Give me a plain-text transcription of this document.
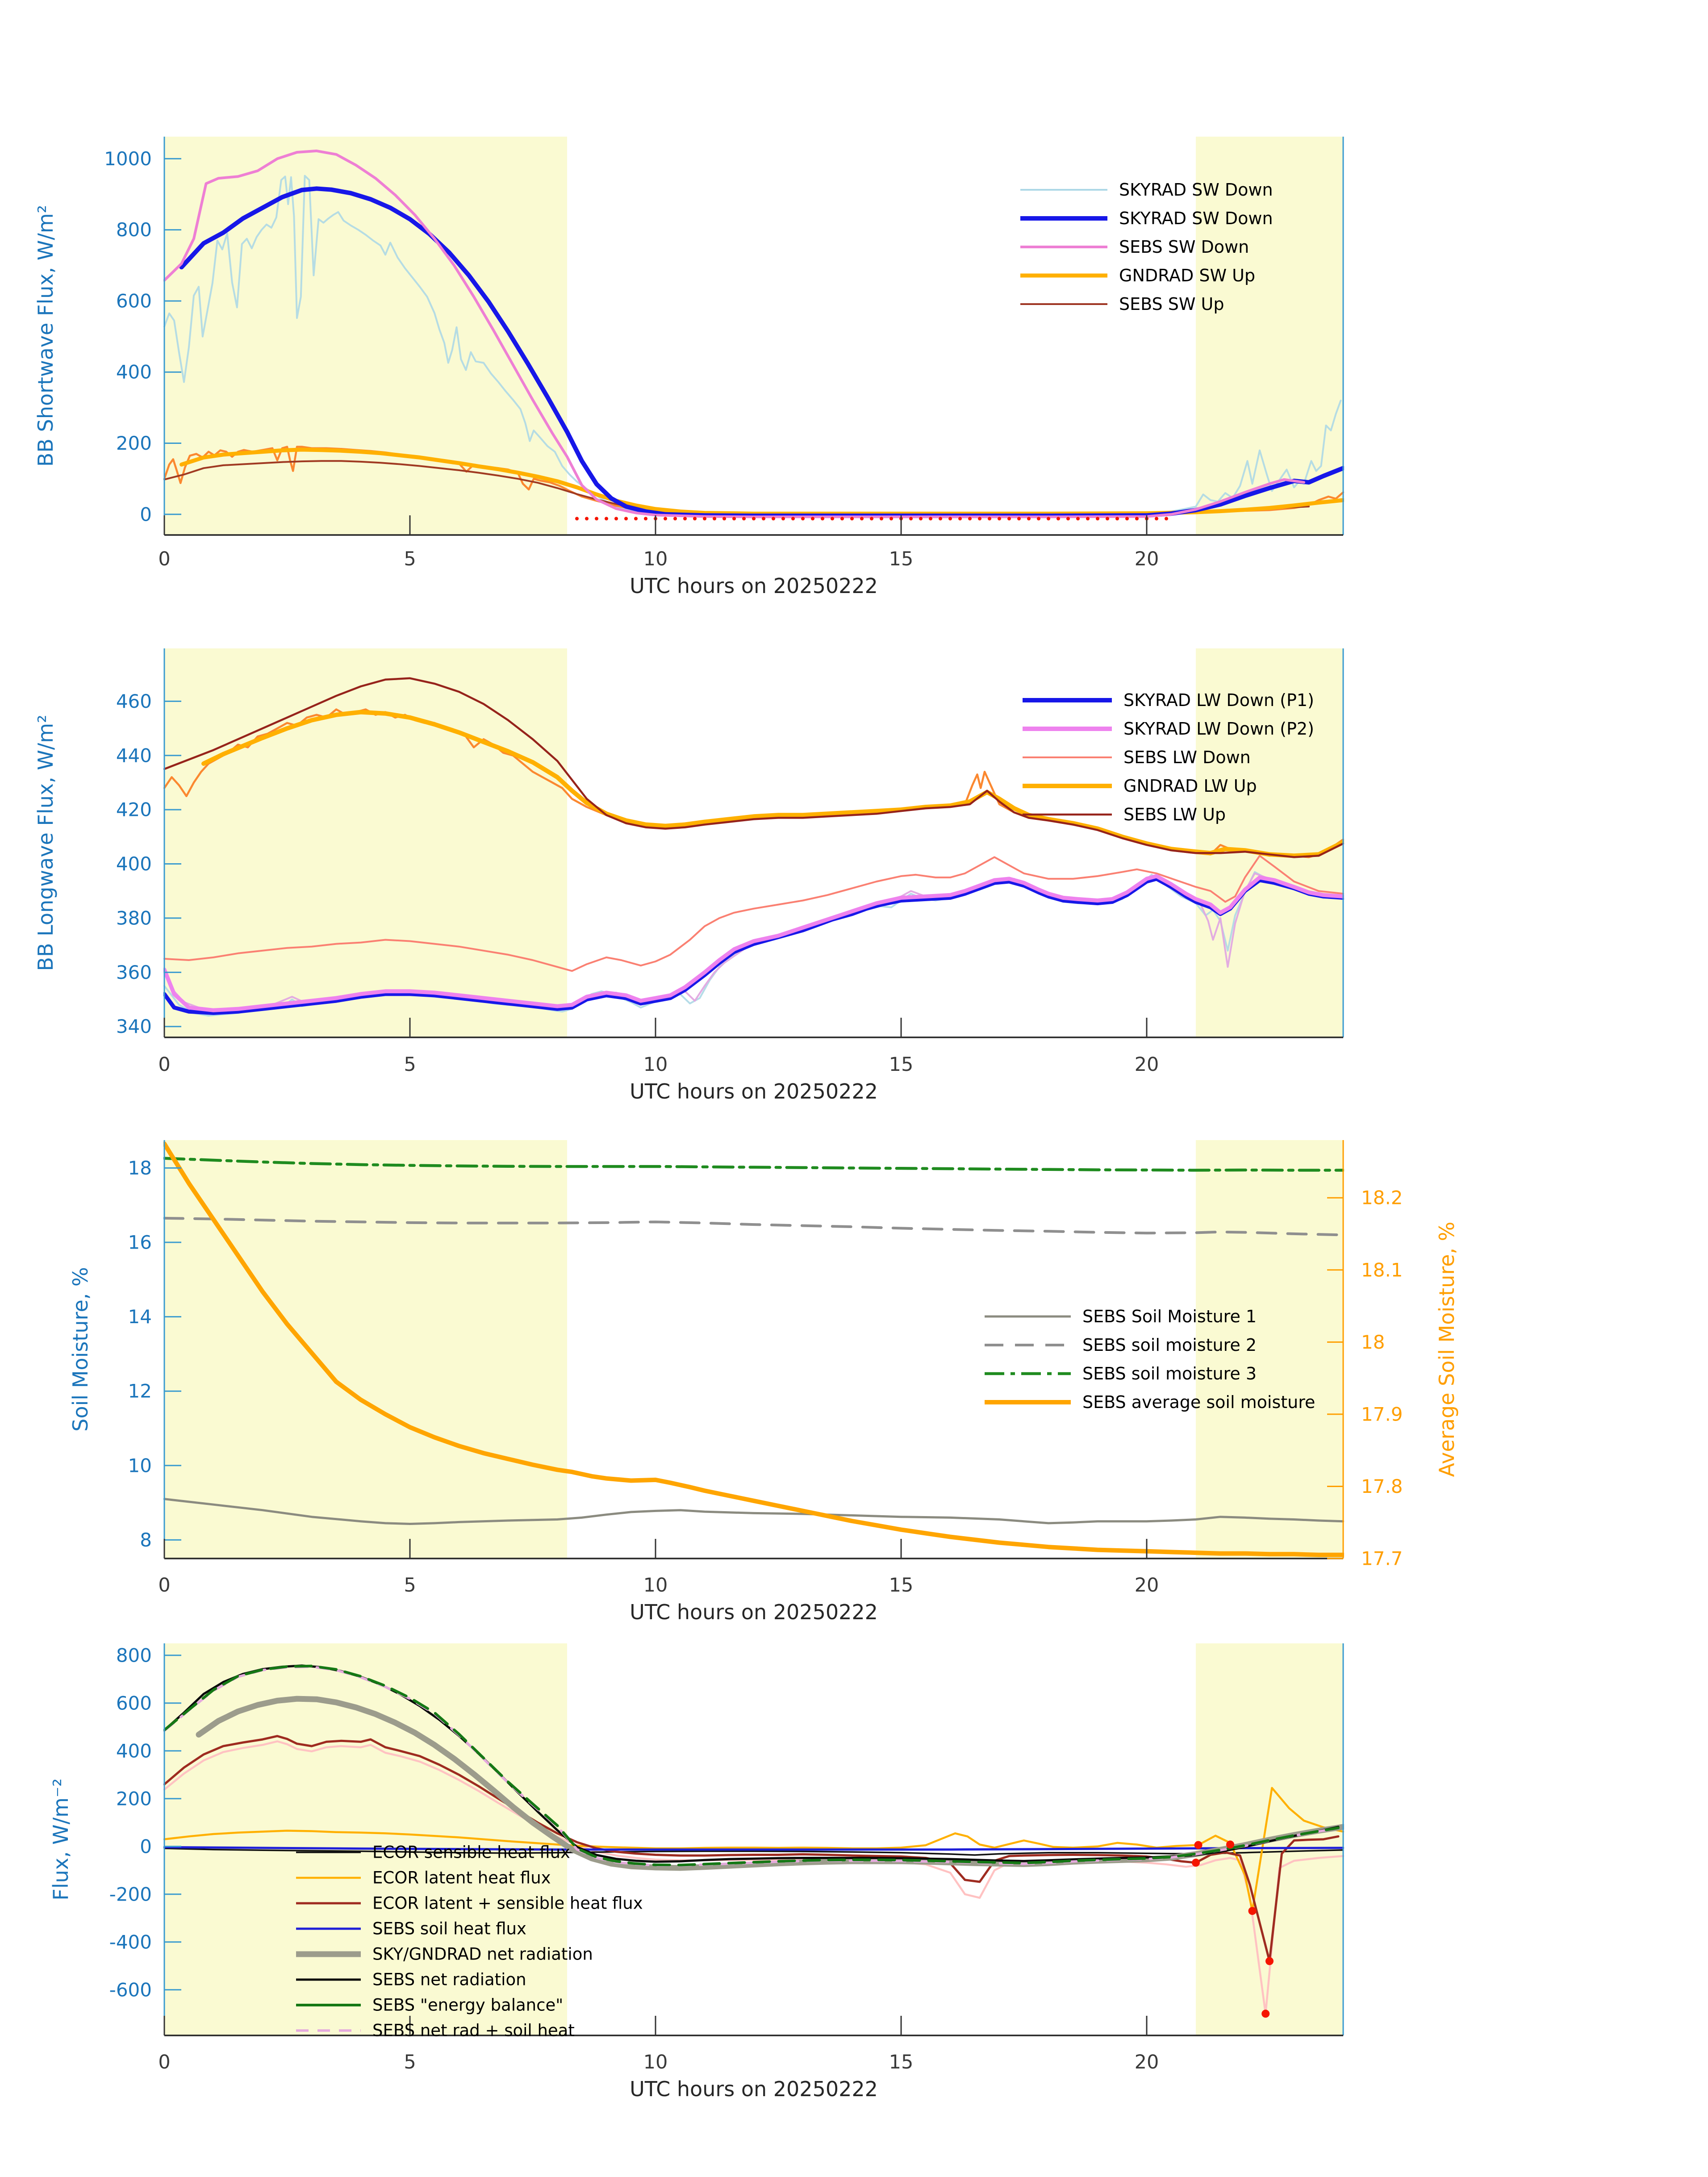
0
200
400
600
800
1000
0	5	10	15	20
UTC hours on 20250222
BB Shortwave Flux, W/m²
SKYRAD SW Down
SKYRAD SW Down
SEBS SW Down
GNDRAD SW Up
SEBS SW Up
340
360
380
400
420
440
460
0	5	10	15	20
UTC hours on 20250222
BB Longwave Flux, W/m²
SKYRAD LW Down (P1)
SKYRAD LW Down (P2)
SEBS LW Down
GNDRAD LW Up
SEBS LW Up
8
10
12
14
16
18
17.7
17.8
17.9
18
18.1
18.2
Average Soil Moisture, %
0	5	10	15	20
UTC hours on 20250222
Soil Moisture, %	SEBS Soil Moisture 1
SEBS soil moisture 2
SEBS soil moisture 3
SEBS average soil moisture
-600
-400
-200
0
200
400
600
800
0	5	10	15	20
UTC hours on 20250222
Flux, W/m⁻²	ECOR sensible heat flux
ECOR latent heat flux
ECOR latent + sensible heat flux
SEBS soil heat flux
SKY/GNDRAD net radiation
SEBS net radiation
SEBS "energy balance"
SEBS net rad + soil heat
